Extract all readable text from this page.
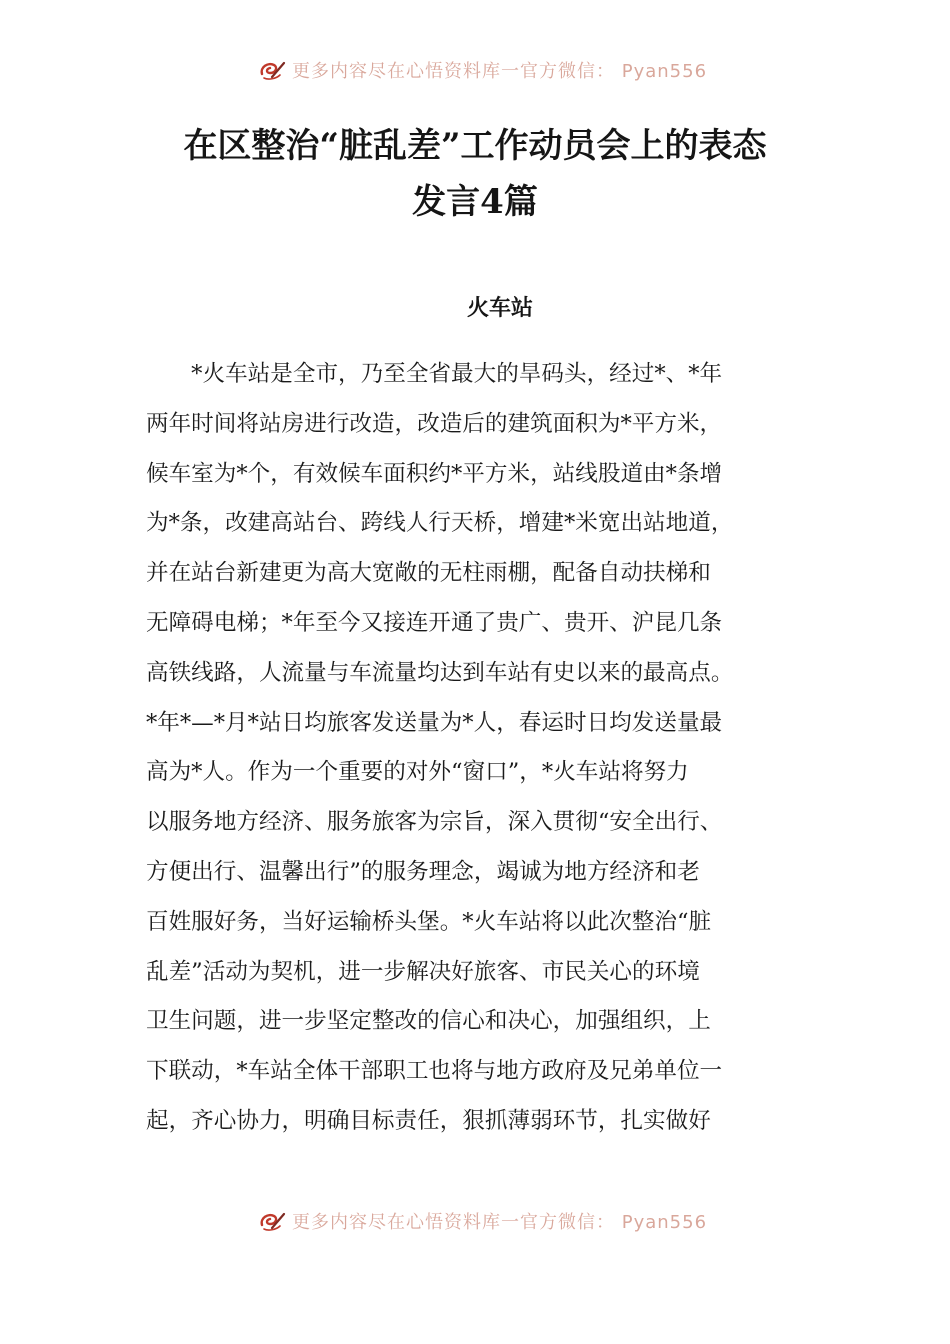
更多内容尽在心悟资料库一官方微信： Pyan556
在区整治“脏乱差”工作动员会上的表态
发言4篇
火车站
　　*火车站是全市，乃至全省最大的旱码头，经过*、*年
两年时间将站房进行改造，改造后的建筑面积为*平方米，
候车室为*个，有效候车面积约*平方米，站线股道由*条增
为*条，改建高站台、跨线人行天桥，增建*米宽出站地道，
并在站台新建更为高大宽敞的无柱雨棚，配备自动扶梯和
无障碍电梯；*年至今又接连开通了贵广、贵开、沪昆几条
高铁线路，人流量与车流量均达到车站有史以来的最高点。
*年*—*月*站日均旅客发送量为*人，春运时日均发送量最
高为*人。作为一个重要的对外“窗口”，*火车站将努力
以服务地方经济、服务旅客为宗旨，深入贯彻“安全出行、
方便出行、温馨出行”的服务理念，竭诚为地方经济和老
百姓服好务，当好运输桥头堡。*火车站将以此次整治“脏
乱差”活动为契机，进一步解决好旅客、市民关心的环境
卫生问题，进一步坚定整改的信心和决心，加强组织，上
下联动，*车站全体干部职工也将与地方政府及兄弟单位一
起，齐心协力，明确目标责任，狠抓薄弱环节，扎实做好
更多内容尽在心悟资料库一官方微信： Pyan556
